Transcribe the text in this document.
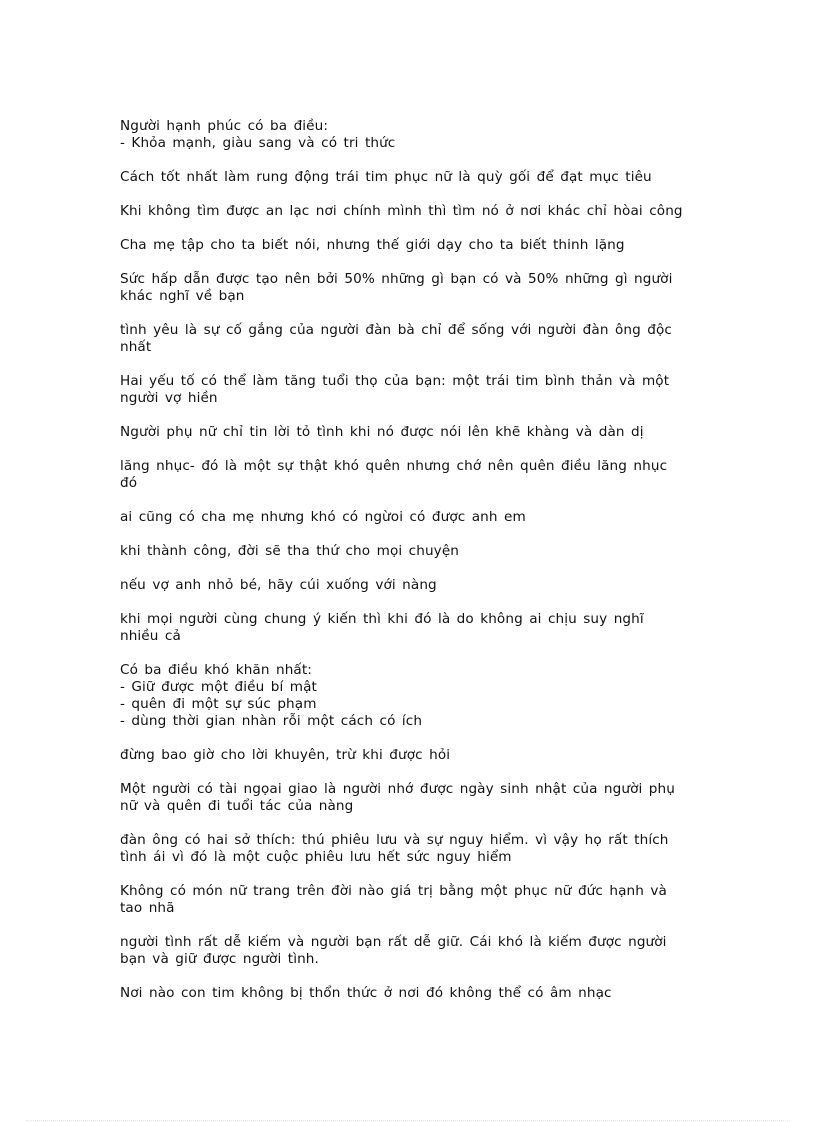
Người hạnh phúc có ba điều:
- Khỏa mạnh, giàu sang và có tri thức
Cách tốt nhất làm rung động trái tim phục nữ là quỳ gối để đạt mục tiêu
Khi không tìm được an lạc nơi chính mình thì tìm nó ở nơi khác chỉ hòai công
Cha mẹ tập cho ta biết nói, nhưng thế giới dạy cho ta biết thinh lặng
Sức hấp dẫn được tạo nên bởi 50% những gì bạn có và 50% những gì người
khác nghĩ về bạn
tình yêu là sự cố gắng của người đàn bà chỉ để sống với người đàn ông độc
nhất
Hai yếu tố có thể làm tăng tuổi thọ của bạn: một trái tim bình thản và một
người vợ hiền
Người phụ nữ chỉ tin lời tỏ tình khi nó được nói lên khẽ khàng và dàn dị
lăng nhục- đó là một sự thật khó quên nhưng chớ nên quên điều lăng nhục
đó
ai cũng có cha mẹ nhưng khó có ngừoi có được anh em
khi thành công, đời sẽ tha thứ cho mọi chuyện
nếu vợ anh nhỏ bé, hãy cúi xuống với nàng
khi mọi người cùng chung ý kiến thì khi đó là do không ai chịu suy nghĩ
nhiều cả
Có ba điều khó khăn nhất:
- Giữ được một điều bí mật
- quên đi một sự súc phạm
- dùng thời gian nhàn rỗi một cách có ích
đừng bao giờ cho lời khuyên, trừ khi được hỏi
Một người có tài ngọai giao là người nhớ được ngày sinh nhật của người phụ
nữ và quên đi tuổi tác của nàng
đàn ông có hai sở thích: thú phiêu lưu và sự nguy hiểm. vì vậy họ rất thích
tình ái vì đó là một cuộc phiêu lưu hết sức nguy hiểm
Không có món nữ trang trên đời nào giá trị bằng một phục nữ đức hạnh và
tao nhã
người tình rất dễ kiếm và người bạn rất dễ giữ. Cái khó là kiếm được người
bạn và giữ được người tình.
Nơi nào con tim không bị thổn thức ở nơi đó không thể có âm nhạc
